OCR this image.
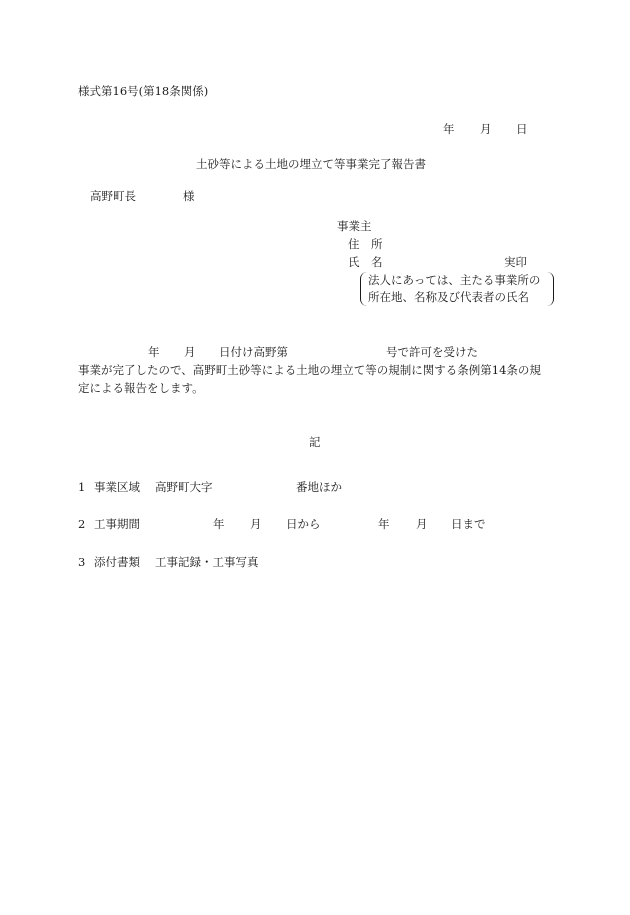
様式第16号(第18条関係)
年 月 日
土砂等による土地の埋立て等事業完了報告書
高野町長	様
事業主
住　所
氏　名	実印
法人にあっては、主たる事業所の
所在地、名称及び代表者の氏名
年 月 日付け高野第	号で許可を受けた
事業が完了したので、高野町土砂等による土地の埋立て等の規制に関する条例第14条の規
定による報告をします。
記
1 事業区域 高野町大字	番地ほか
2 工事期間	年 月 日から	年 月 日まで
3 添付書類 工事記録・工事写真
